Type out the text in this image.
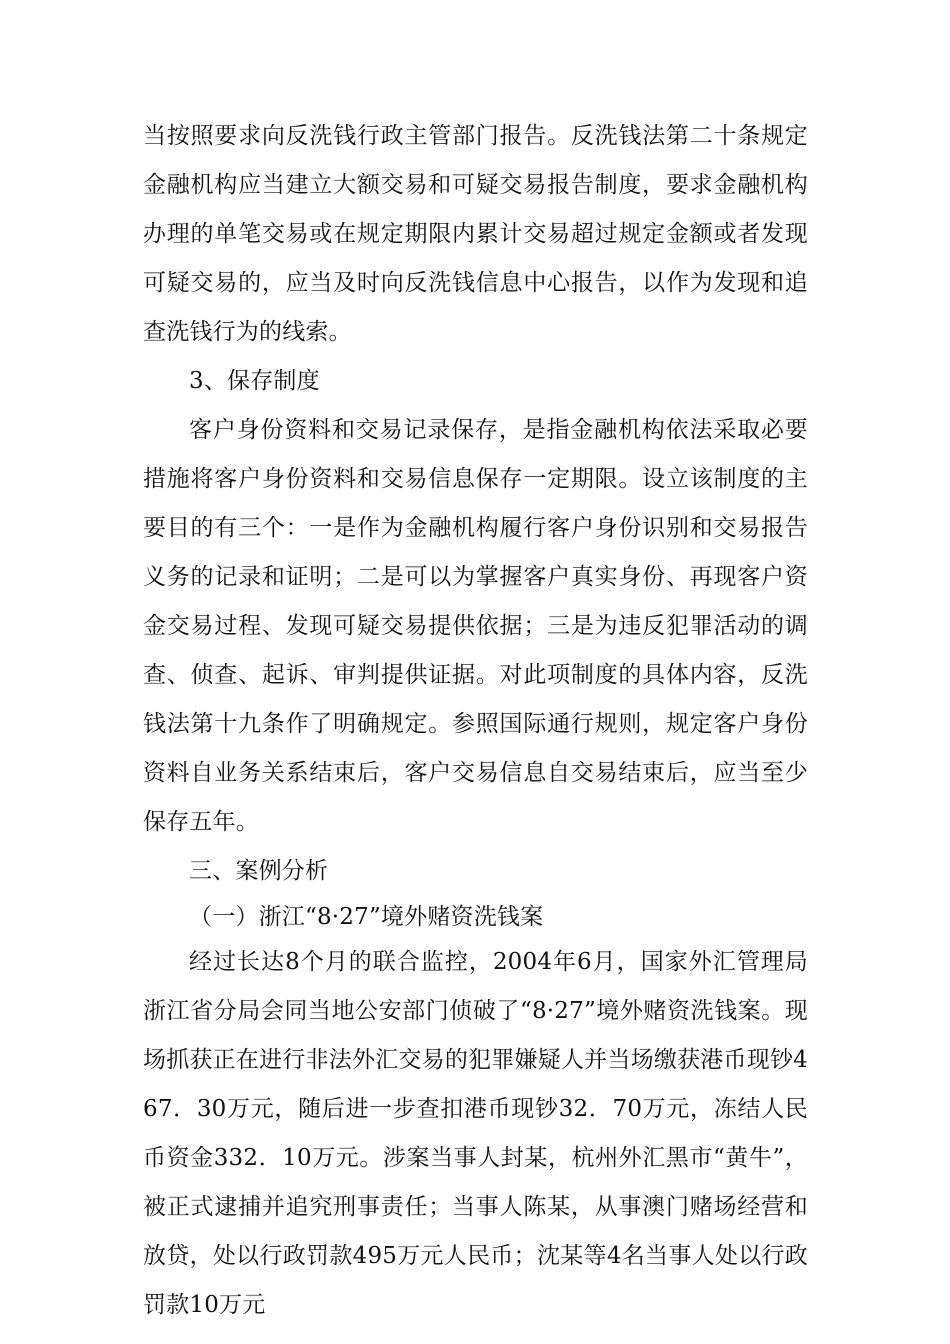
当按照要求向反洗钱行政主管部门报告。反洗钱法第二十条规定金融机构应当建立大额交易和可疑交易报告制度，要求金融机构办理的单笔交易或在规定期限内累计交易超过规定金额或者发现可疑交易的，应当及时向反洗钱信息中心报告，以作为发现和追查洗钱行为的线索。

3、保存制度

客户身份资料和交易记录保存，是指金融机构依法采取必要措施将客户身份资料和交易信息保存一定期限。设立该制度的主要目的有三个：一是作为金融机构履行客户身份识别和交易报告义务的记录和证明；二是可以为掌握客户真实身份、再现客户资金交易过程、发现可疑交易提供依据；三是为违反犯罪活动的调查、侦查、起诉、审判提供证据。对此项制度的具体内容，反洗钱法第十九条作了明确规定。参照国际通行规则，规定客户身份资料自业务关系结束后，客户交易信息自交易结束后，应当至少保存五年。

三、案例分析

（一）浙江“8·27”境外赌资洗钱案

经过长达8个月的联合监控，2004年6月，国家外汇管理局浙江省分局会同当地公安部门侦破了“8·27”境外赌资洗钱案。现场抓获正在进行非法外汇交易的犯罪嫌疑人并当场缴获港币现钞467．30万元，随后进一步查扣港币现钞32．70万元，冻结人民币资金332．10万元。涉案当事人封某，杭州外汇黑市“黄牛”，被正式逮捕并追究刑事责任；当事人陈某，从事澳门赌场经营和放贷，处以行政罚款495万元人民币；沈某等4名当事人处以行政罚款10万元
